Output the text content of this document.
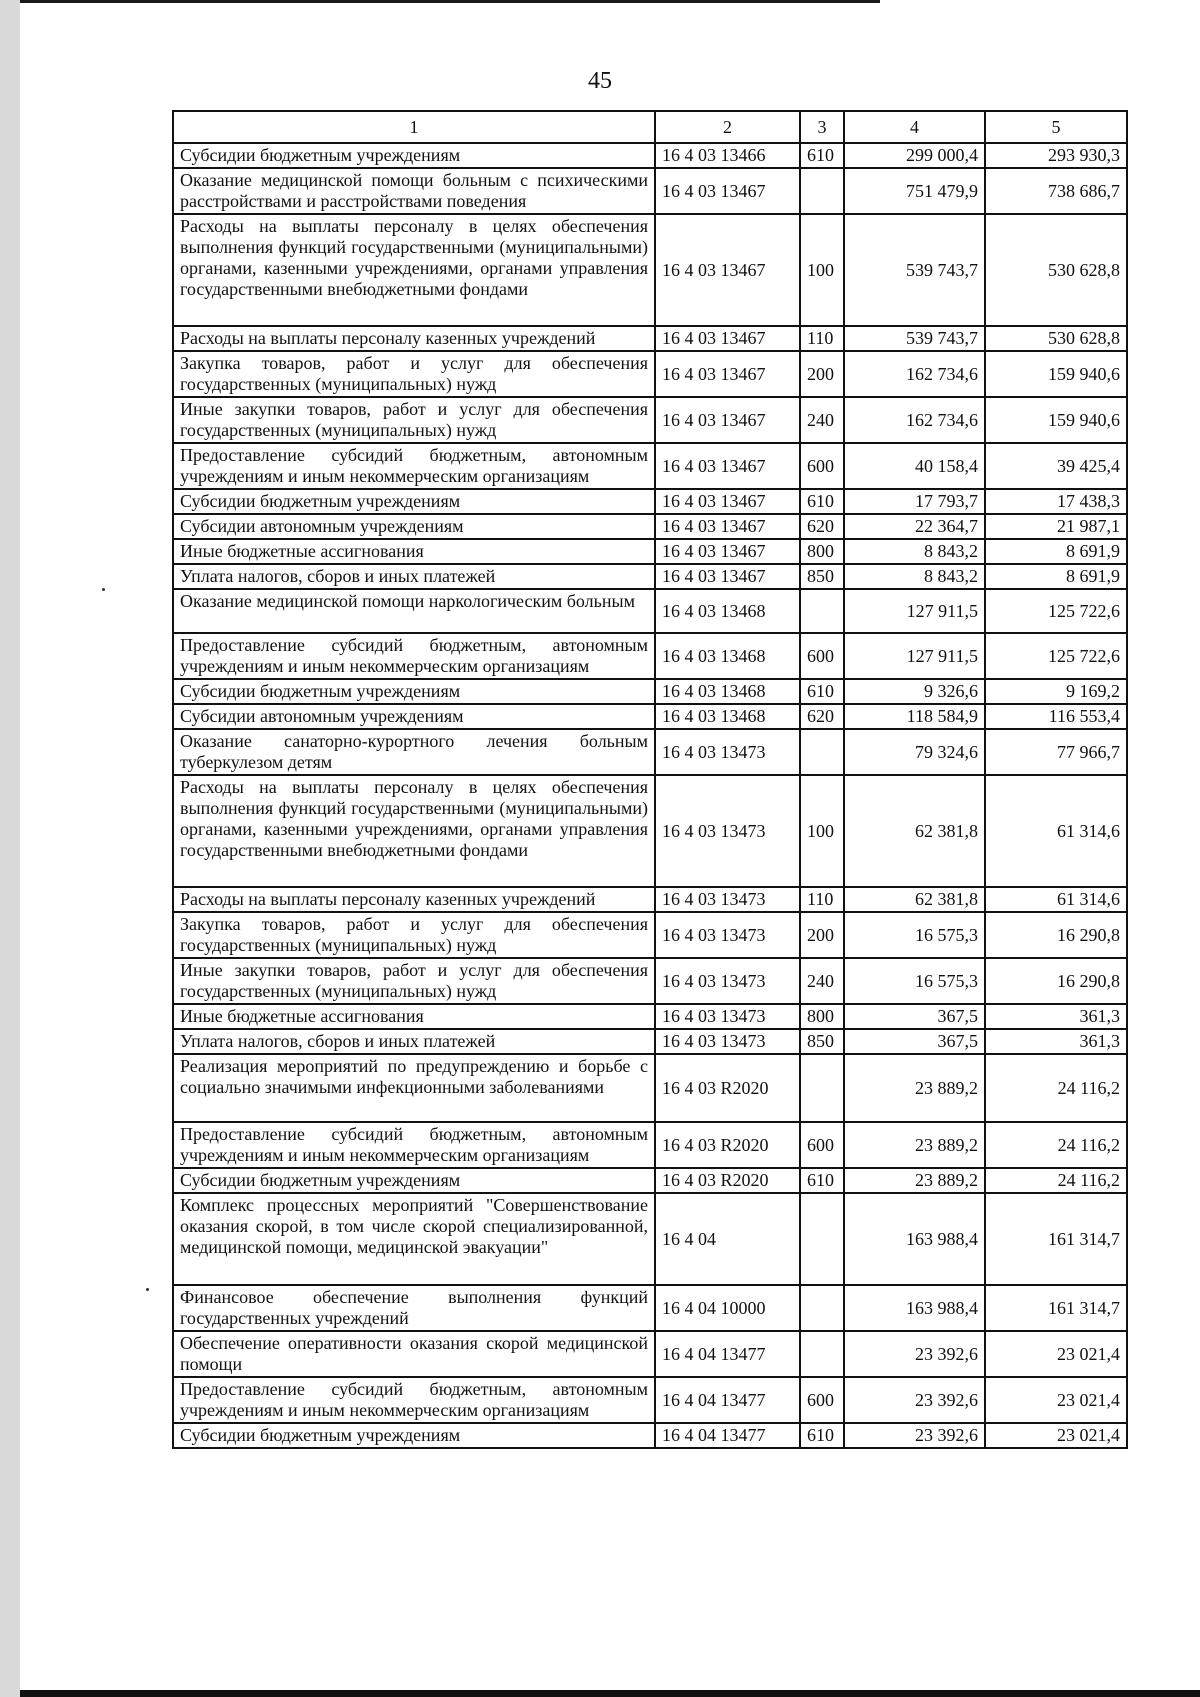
45
1	2	3	4	5
Субсидии бюджетным учреждениям	16 4 03 13466	610	299 000,4	293 930,3
Оказание медицинской помощи больным с психическими расстройствами и расстройствами поведения	16 4 03 13467		751 479,9	738 686,7
Расходы на выплаты персоналу в целях обеспечения выполнения функций государственными (муниципальными) органами, казенными учреждениями, органами управления государственными внебюджетными фондами	16 4 03 13467	100	539 743,7	530 628,8
Расходы на выплаты персоналу казенных учреждений	16 4 03 13467	110	539 743,7	530 628,8
Закупка товаров, работ и услуг для обеспечения государственных (муниципальных) нужд	16 4 03 13467	200	162 734,6	159 940,6
Иные закупки товаров, работ и услуг для обеспечения государственных (муниципальных) нужд	16 4 03 13467	240	162 734,6	159 940,6
Предоставление субсидий бюджетным, автономным учреждениям и иным некоммерческим организациям	16 4 03 13467	600	40 158,4	39 425,4
Субсидии бюджетным учреждениям	16 4 03 13467	610	17 793,7	17 438,3
Субсидии автономным учреждениям	16 4 03 13467	620	22 364,7	21 987,1
Иные бюджетные ассигнования	16 4 03 13467	800	8 843,2	8 691,9
Уплата налогов, сборов и иных платежей	16 4 03 13467	850	8 843,2	8 691,9
Оказание медицинской помощи наркологическим больным	16 4 03 13468		127 911,5	125 722,6
Предоставление субсидий бюджетным, автономным учреждениям и иным некоммерческим организациям	16 4 03 13468	600	127 911,5	125 722,6
Субсидии бюджетным учреждениям	16 4 03 13468	610	9 326,6	9 169,2
Субсидии автономным учреждениям	16 4 03 13468	620	118 584,9	116 553,4
Оказание санаторно-курортного лечения больным туберкулезом детям	16 4 03 13473		79 324,6	77 966,7
Расходы на выплаты персоналу в целях обеспечения выполнения функций государственными (муниципальными) органами, казенными учреждениями, органами управления государственными внебюджетными фондами	16 4 03 13473	100	62 381,8	61 314,6
Расходы на выплаты персоналу казенных учреждений	16 4 03 13473	110	62 381,8	61 314,6
Закупка товаров, работ и услуг для обеспечения государственных (муниципальных) нужд	16 4 03 13473	200	16 575,3	16 290,8
Иные закупки товаров, работ и услуг для обеспечения государственных (муниципальных) нужд	16 4 03 13473	240	16 575,3	16 290,8
Иные бюджетные ассигнования	16 4 03 13473	800	367,5	361,3
Уплата налогов, сборов и иных платежей	16 4 03 13473	850	367,5	361,3
Реализация мероприятий по предупреждению и борьбе с социально значимыми инфекционными заболеваниями	16 4 03 R2020		23 889,2	24 116,2
Предоставление субсидий бюджетным, автономным учреждениям и иным некоммерческим организациям	16 4 03 R2020	600	23 889,2	24 116,2
Субсидии бюджетным учреждениям	16 4 03 R2020	610	23 889,2	24 116,2
Комплекс процессных мероприятий "Совершенствование оказания скорой, в том числе скорой специализированной, медицинской помощи, медицинской эвакуации"	16 4 04		163 988,4	161 314,7
Финансовое обеспечение выполнения функций государственных учреждений	16 4 04 10000		163 988,4	161 314,7
Обеспечение оперативности оказания скорой медицинской помощи	16 4 04 13477		23 392,6	23 021,4
Предоставление субсидий бюджетным, автономным учреждениям и иным некоммерческим организациям	16 4 04 13477	600	23 392,6	23 021,4
Субсидии бюджетным учреждениям	16 4 04 13477	610	23 392,6	23 021,4
